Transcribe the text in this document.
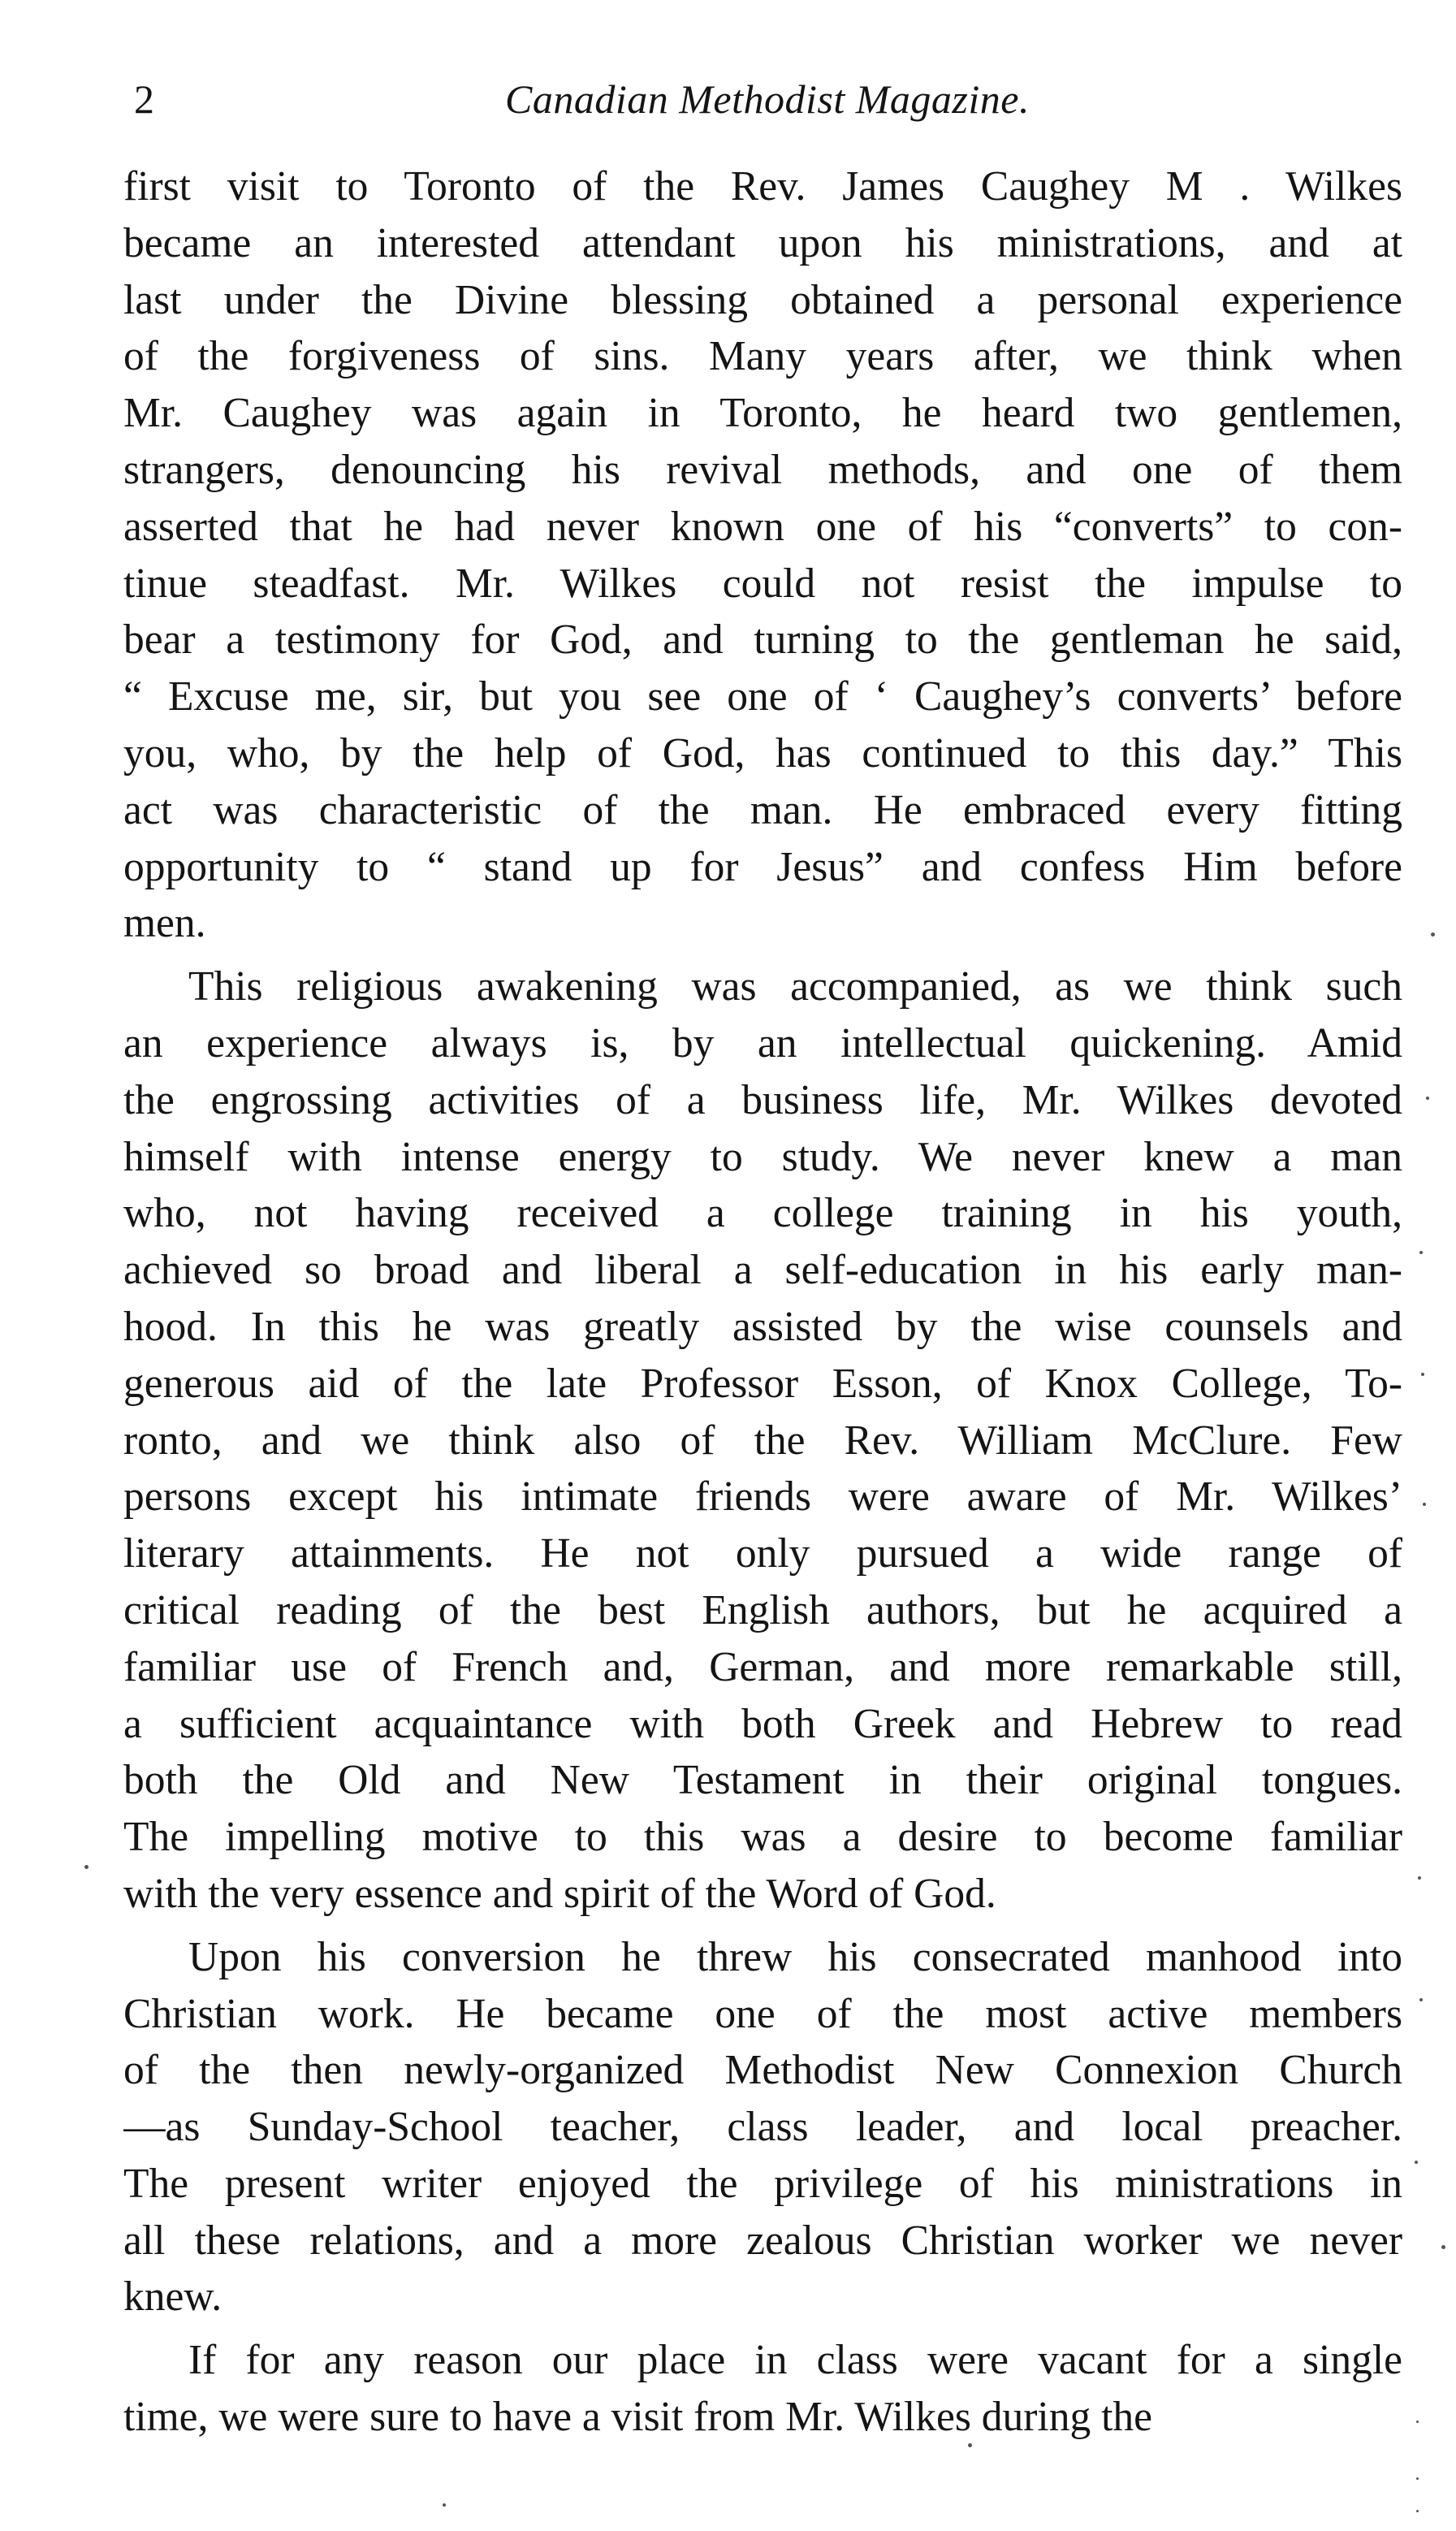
2	Canadian Methodist Magazine.
first visit to Toronto of the Rev. James Caughey M . Wilkes
became an interested attendant upon his ministrations, and at
last under the Divine blessing obtained a personal experience
of the forgiveness of sins. Many years after, we think when
Mr. Caughey was again in Toronto, he heard two gentlemen,
strangers, denouncing his revival methods, and one of them
asserted that he had never known one of his “converts” to con-
tinue steadfast. Mr. Wilkes could not resist the impulse to
bear a testimony for God, and turning to the gentleman he said,
“ Excuse me, sir, but you see one of ‘ Caughey’s converts’ before
you, who, by the help of God, has continued to this day.” This
act was characteristic of the man. He embraced every fitting
opportunity to “ stand up for Jesus” and confess Him before
men.
This religious awakening was accompanied, as we think such
an experience always is, by an intellectual quickening. Amid
the engrossing activities of a business life, Mr. Wilkes devoted
himself with intense energy to study. We never knew a man
who, not having received a college training in his youth,
achieved so broad and liberal a self-education in his early man-
hood. In this he was greatly assisted by the wise counsels and
generous aid of the late Professor Esson, of Knox College, To-
ronto, and we think also of the Rev. William McClure. Few
persons except his intimate friends were aware of Mr. Wilkes’
literary attainments. He not only pursued a wide range of
critical reading of the best English authors, but he acquired a
familiar use of French and, German, and more remarkable still,
a sufficient acquaintance with both Greek and Hebrew to read
both the Old and New Testament in their original tongues.
The impelling motive to this was a desire to become familiar
with the very essence and spirit of the Word of God.
Upon his conversion he threw his consecrated manhood into
Christian work. He became one of the most active members
of the then newly-organized Methodist New Connexion Church
—as Sunday-School teacher, class leader, and local preacher.
The present writer enjoyed the privilege of his ministrations in
all these relations, and a more zealous Christian worker we never
knew.
If for any reason our place in class were vacant for a single
time, we were sure to have a visit from Mr. Wilkes during the
